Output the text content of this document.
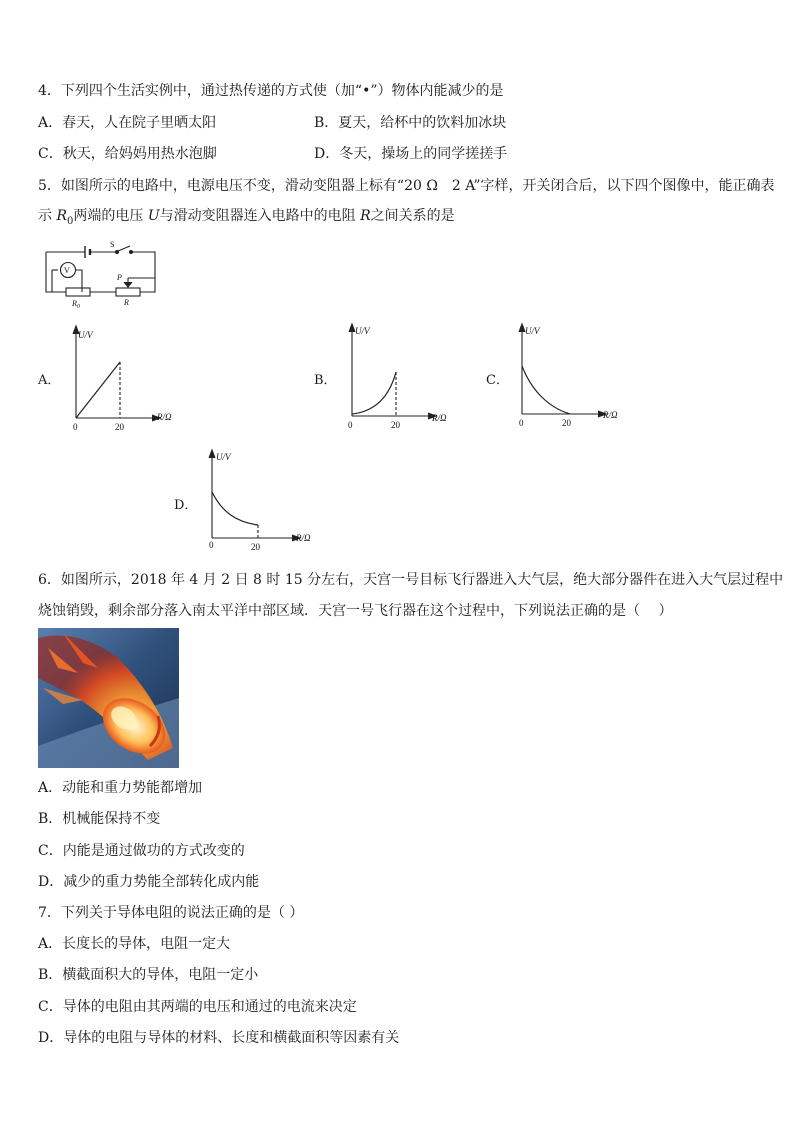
4．下列四个生活实例中，通过热传递的方式使（加“•”）物体内能减少的是
A．春天，人在院子里晒太阳	B．夏天，给杯中的饮料加冰块
C．秋天，给妈妈用热水泡脚	D．冬天，操场上的同学搓搓手
5．如图所示的电路中，电源电压不变，滑动变阻器上标有“20 Ω　2 A”字样，开关闭合后，以下四个图像中，能正确表
示 $R_0$两端的电压 U与滑动变阻器连入电路中的电阻 R之间关系的是
S
V
P
$R_0$	R
A．
U/V
R/Ω
0	20
B．
U/V
R/Ω
0	20
C．
U/V
R/Ω
0	20
D．
U/V
R/Ω
0	20
6．如图所示，2018 年 4 月 2 日 8 时 15 分左右，天宫一号目标飞行器进入大气层，绝大部分器件在进入大气层过程中
烧蚀销毁，剩余部分落入南太平洋中部区域．天宫一号飞行器在这个过程中，下列说法正确的是（　 ）
A．动能和重力势能都增加
B．机械能保持不变
C．内能是通过做功的方式改变的
D．减少的重力势能全部转化成内能
7．下列关于导体电阻的说法正确的是（ ）
A．长度长的导体，电阻一定大
B．横截面积大的导体，电阻一定小
C．导体的电阻由其两端的电压和通过的电流来决定
D．导体的电阻与导体的材料、长度和横截面积等因素有关
